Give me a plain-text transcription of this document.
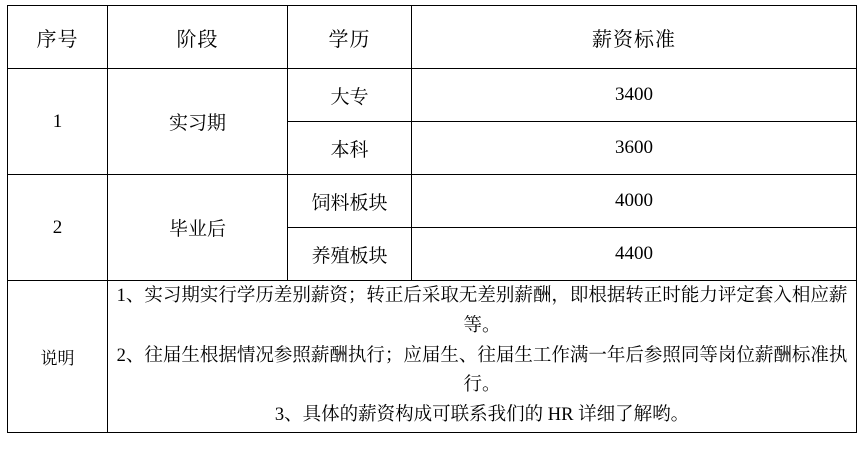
序号	阶段	学历	薪资标准
1	实习期	大专	3400
		本科	3600
2	毕业后	饲料板块	4000
		养殖板块	4400
说明	1、实习期实行学历差别薪资；转正后采取无差别薪酬，即根据转正时能力评定套入相应薪等。

2、往届生根据情况参照薪酬执行；应届生、往届生工作满一年后参照同等岗位薪酬标准执行。

3、具体的薪资构成可联系我们的 HR 详细了解哟。		
